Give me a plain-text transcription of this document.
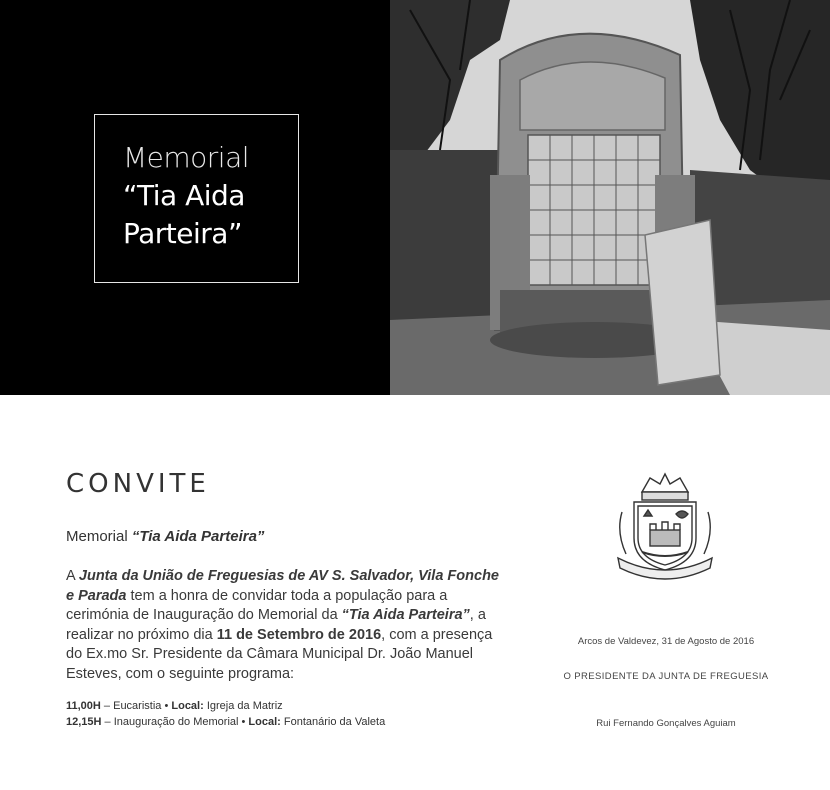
Memorial
“Tia Aida
Parteira”
CONVITE
Memorial “Tia Aida Parteira”
A Junta da União de Freguesias de AV S. Salvador, Vila Fonche e Parada tem a honra de convidar toda a população para a cerimónia de Inauguração do Memorial da “Tia Aida Parteira”, a realizar no próximo dia 11 de Setembro de 2016, com a presença do Ex.mo Sr. Presidente da Câmara Municipal Dr. João Manuel Esteves, com o seguinte programa:
11,00H – Eucaristia • Local: Igreja da Matriz
12,15H – Inauguração do Memorial • Local: Fontanário da Valeta
Arcos de Valdevez, 31 de Agosto de 2016
O PRESIDENTE DA JUNTA DE FREGUESIA
Rui Fernando Gonçalves Aguiam
